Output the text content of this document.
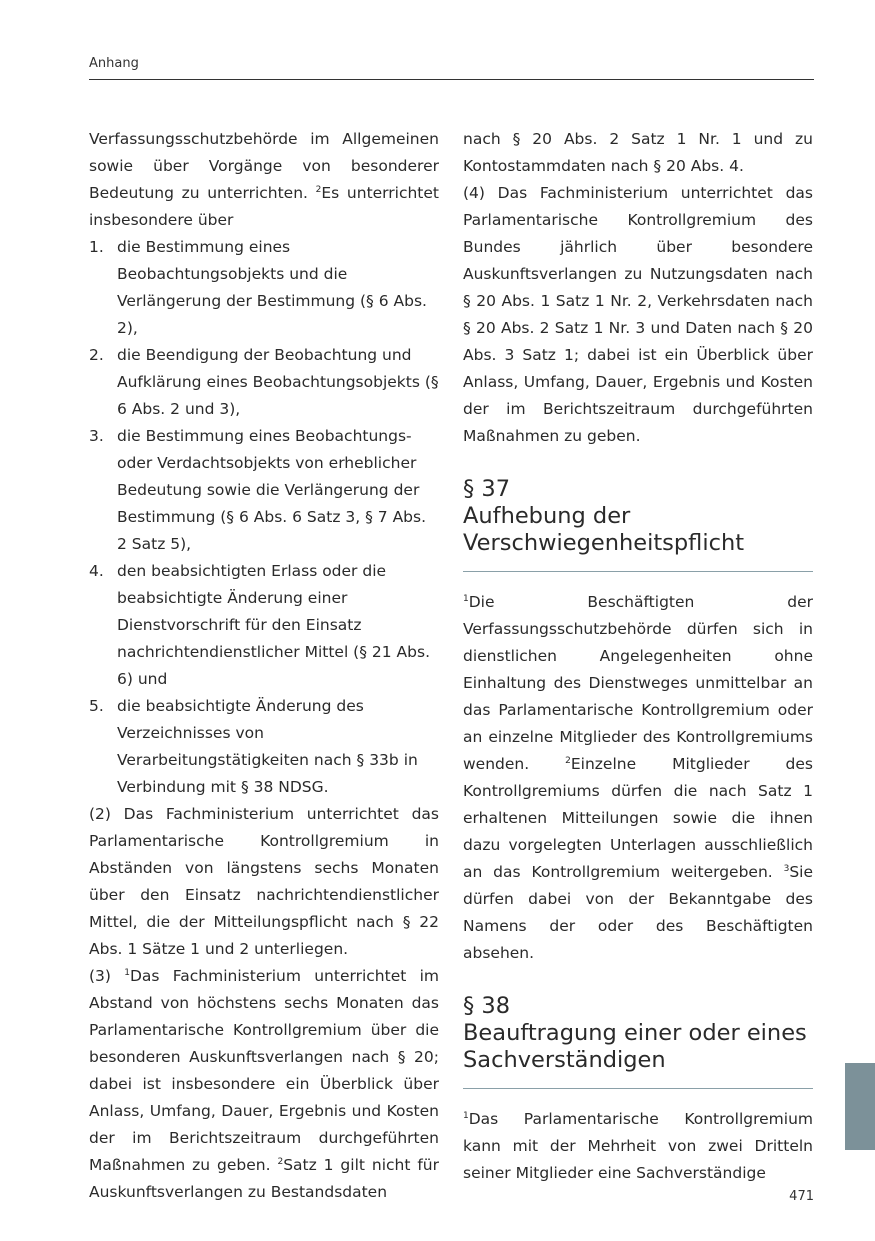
Anhang

Verfassungsschutzbehörde im Allgemeinen sowie über Vorgänge von besonderer Bedeutung zu unterrichten. $^2$Es unterrichtet insbesondere über

1. die Bestimmung eines Beobachtungsobjekts und die Verlängerung der Bestimmung (§ 6 Abs. 2),
2. die Beendigung der Beobachtung und Aufklärung eines Beobachtungsobjekts (§ 6 Abs. 2 und 3),
3. die Bestimmung eines Beobachtungs- oder Verdachtsobjekts von erheblicher Bedeutung sowie die Verlängerung der Bestimmung (§ 6 Abs. 6 Satz 3, § 7 Abs. 2 Satz 5),
4. den beabsichtigten Erlass oder die beabsichtigte Änderung einer Dienstvorschrift für den Einsatz nachrichtendienstlicher Mittel (§ 21 Abs. 6) und
5. die beabsichtigte Änderung des Verzeichnisses von Verarbeitungstätigkeiten nach § 33b in Verbindung mit § 38 NDSG.

(2) Das Fachministerium unterrichtet das Parlamentarische Kontrollgremium in Abständen von längstens sechs Monaten über den Einsatz nachrichtendienstlicher Mittel, die der Mitteilungspflicht nach § 22 Abs. 1 Sätze 1 und 2 unterliegen.

(3) $^1$Das Fachministerium unterrichtet im Abstand von höchstens sechs Monaten das Parlamentarische Kontrollgremium über die besonderen Auskunftsverlangen nach § 20; dabei ist insbesondere ein Überblick über Anlass, Umfang, Dauer, Ergebnis und Kosten der im Berichtszeitraum durchgeführten Maßnahmen zu geben. $^2$Satz 1 gilt nicht für Auskunftsverlangen zu Bestandsdaten

nach § 20 Abs. 2 Satz 1 Nr. 1 und zu Kontostammdaten nach § 20 Abs. 4.

(4) Das Fachministerium unterrichtet das Parlamentarische Kontrollgremium des Bundes jährlich über besondere Auskunftsverlangen zu Nutzungsdaten nach § 20 Abs. 1 Satz 1 Nr. 2, Verkehrsdaten nach § 20 Abs. 2 Satz 1 Nr. 3 und Daten nach § 20 Abs. 3 Satz 1; dabei ist ein Überblick über Anlass, Umfang, Dauer, Ergebnis und Kosten der im Berichtszeitraum durchgeführten Maßnahmen zu geben.

§ 37
Aufhebung der Verschwiegenheitspflicht

$^1$Die Beschäftigten der Verfassungsschutzbehörde dürfen sich in dienstlichen Angelegenheiten ohne Einhaltung des Dienstweges unmittelbar an das Parlamentarische Kontrollgremium oder an einzelne Mitglieder des Kontrollgremiums wenden.	$^2$Einzelne Mitglieder des Kontrollgremiums dürfen die nach Satz 1 erhaltenen Mitteilungen sowie die ihnen dazu vorgelegten Unterlagen ausschließlich an das Kontrollgremium weitergeben. $^3$Sie dürfen dabei von der Bekanntgabe des Namens der oder des Beschäftigten absehen.

§ 38
Beauftragung einer oder eines Sachverständigen

$^1$Das Parlamentarische Kontrollgremium kann mit der Mehrheit von zwei Dritteln seiner Mitglieder eine Sachverständige

471
